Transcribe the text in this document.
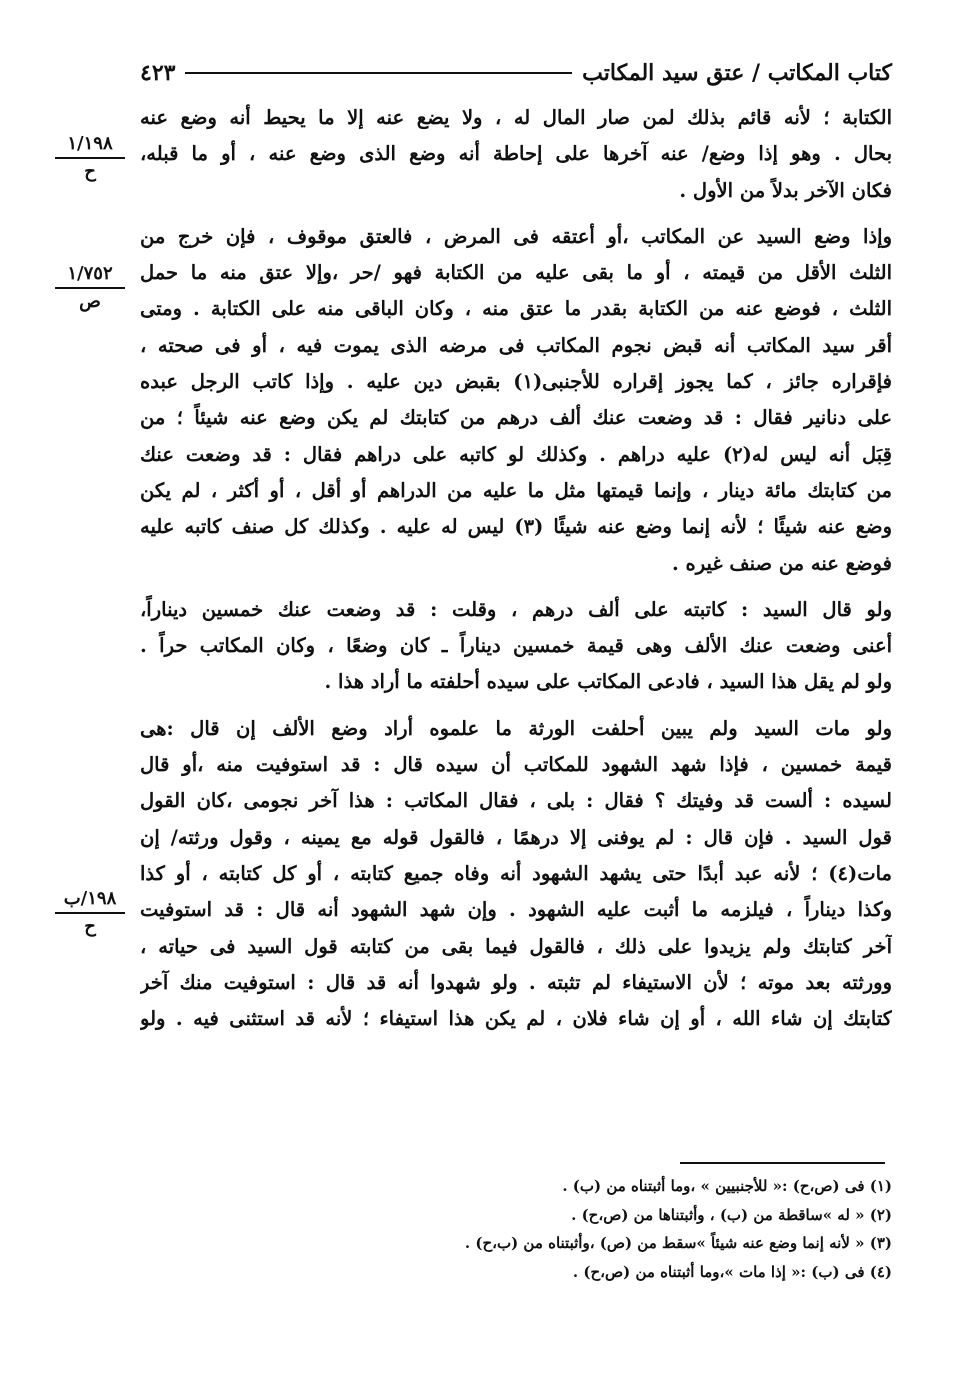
كتاب المكاتب / عتق سيد المكاتب
٤٢٣
١/١٩٨
ح
١/٧٥٢
ص
١٩٨/ب
ح
الكتابة ؛ لأنه قائم بذلك لمن صار المال له ، ولا يضع عنه إلا ما يحيط أنه وضع عنه
بحال . وهو إذا وضع/ عنه آخرها على إحاطة أنه وضع الذى وضع عنه ، أو ما قبله،
فكان الآخر بدلاً من الأول .
وإذا وضع السيد عن المكاتب ،أو أعتقه فى المرض ، فالعتق موقوف ، فإن خرج من
الثلث الأقل من قيمته ، أو ما بقى عليه من الكتابة فهو /حر ،وإلا عتق منه ما حمل
الثلث ، فوضع عنه من الكتابة بقدر ما عتق منه ، وكان الباقى منه على الكتابة . ومتى
أقر سيد المكاتب أنه قبض نجوم المكاتب فى مرضه الذى يموت فيه ، أو فى صحته ،
فإقراره جائز ، كما يجوز إقراره للأجنبى(١) بقبض دين عليه . وإذا كاتب الرجل عبده
على دنانير فقال : قد وضعت عنك ألف درهم من كتابتك لم يكن وضع عنه شيئاً ؛ من
قِبَل أنه ليس له(٢) عليه دراهم . وكذلك لو كاتبه على دراهم فقال : قد وضعت عنك
من كتابتك مائة دينار ، وإنما قيمتها مثل ما عليه من الدراهم أو أقل ، أو أكثر ، لم يكن
وضع عنه شيئًا ؛ لأنه إنما وضع عنه شيئًا (٣) ليس له عليه . وكذلك كل صنف كاتبه عليه
فوضع عنه من صنف غيره .
ولو قال السيد : كاتبته على ألف درهم ، وقلت : قد وضعت عنك خمسين ديناراً،
أعنى وضعت عنك الألف وهى قيمة خمسين ديناراً ـ كان وضعًا ، وكان المكاتب حراً .
ولو لم يقل هذا السيد ، فادعى المكاتب على سيده أحلفته ما أراد هذا .
ولو مات السيد ولم يبين أحلفت الورثة ما علموه أراد وضع الألف إن قال :هى
قيمة خمسين ، فإذا شهد الشهود للمكاتب أن سيده قال : قد استوفيت منه ،أو قال
لسيده : ألست قد وفيتك ؟ فقال : بلى ، فقال المكاتب : هذا آخر نجومى ،كان القول
قول السيد . فإن قال : لم يوفنى إلا درهمًا ، فالقول قوله مع يمينه ، وقول ورثته/ إن
مات(٤) ؛ لأنه عبد أبدًا حتى يشهد الشهود أنه وفاه جميع كتابته ، أو كل كتابته ، أو كذا
وكذا ديناراً ، فيلزمه ما أثبت عليه الشهود . وإن شهد الشهود أنه قال : قد استوفيت
آخر كتابتك ولم يزيدوا على ذلك ، فالقول فيما بقى من كتابته قول السيد فى حياته ،
وورثته بعد موته ؛ لأن الاستيفاء لم تثبته . ولو شهدوا أنه قد قال : استوفيت منك آخر
كتابتك إن شاء الله ، أو إن شاء فلان ، لم يكن هذا استيفاء ؛ لأنه قد استثنى فيه . ولو
(١) فى (ص،ح) :« للأجنبيين » ،وما أثبتناه من (ب) .
(٢) « له »ساقطة من (ب) ، وأثبتناها من (ص،ح) .
(٣) « لأنه إنما وضع عنه شيئاً »سقط من (ص) ،وأثبتناه من (ب،ح) .
(٤) فى (ب) :« إذا مات »،وما أثبتناه من (ص،ح) .
